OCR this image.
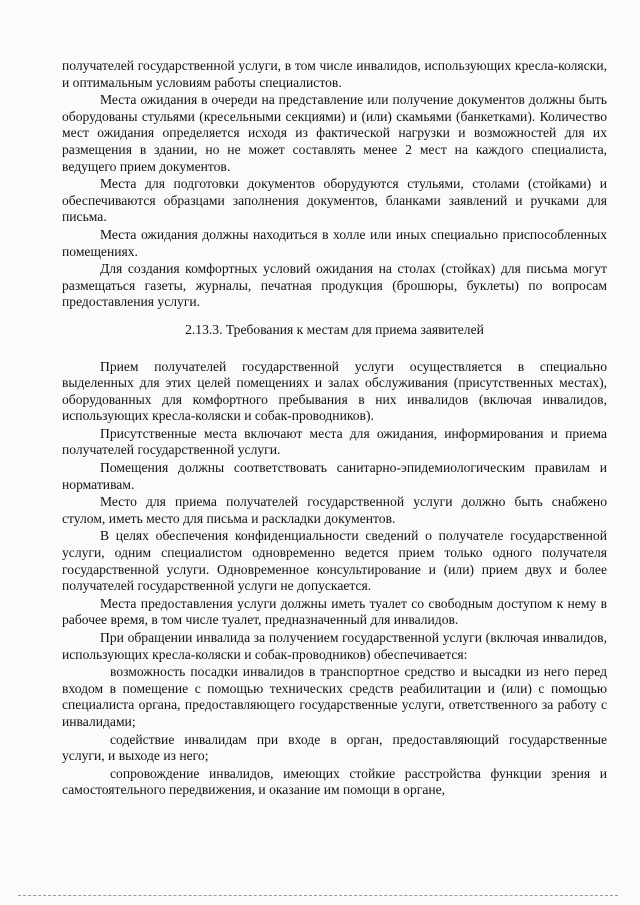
получателей государственной услуги, в том числе инвалидов, использующих кресла-коляски, и оптимальным условиям работы специалистов.

Места ожидания в очереди на представление или получение документов должны быть оборудованы стульями (кресельными секциями) и (или) скамьями (банкетками). Количество мест ожидания определяется исходя из фактической нагрузки и возможностей для их размещения в здании, но не может составлять менее 2 мест на каждого специалиста, ведущего прием документов.

Места для подготовки документов оборудуются стульями, столами (стойками) и обеспечиваются образцами заполнения документов, бланками заявлений и ручками для письма.

Места ожидания должны находиться в холле или иных специально приспособленных помещениях.

Для создания комфортных условий ожидания на столах (стойках) для письма могут размещаться газеты, журналы, печатная продукция (брошюры, буклеты) по вопросам предоставления услуги.

2.13.3. Требования к местам для приема заявителей

Прием получателей государственной услуги осуществляется в специально выделенных для этих целей помещениях и залах обслуживания (присутственных местах), оборудованных для комфортного пребывания в них инвалидов (включая инвалидов, использующих кресла-коляски и собак-проводников).

Присутственные места включают места для ожидания, информирования и приема получателей государственной услуги.

Помещения должны соответствовать санитарно-эпидемиологическим правилам и нормативам.

Место для приема получателей государственной услуги должно быть снабжено стулом, иметь место для письма и раскладки документов.

В целях обеспечения конфиденциальности сведений о получателе государственной услуги, одним специалистом одновременно ведется прием только одного получателя государственной услуги. Одновременное консультирование и (или) прием двух и более получателей государственной услуги не допускается.

Места предоставления услуги должны иметь туалет со свободным доступом к нему в рабочее время, в том числе туалет, предназначенный для инвалидов.

При обращении инвалида за получением государственной услуги (включая инвалидов, использующих кресла-коляски и собак-проводников) обеспечивается:

возможность посадки инвалидов в транспортное средство и высадки из него перед входом в помещение с помощью технических средств реабилитации и (или) с помощью специалиста органа, предоставляющего государственные услуги, ответственного за работу с инвалидами;

содействие инвалидам при входе в орган, предоставляющий государственные услуги, и выходе из него;

сопровождение инвалидов, имеющих стойкие расстройства функции зрения и самостоятельного передвижения, и оказание им помощи в органе,
